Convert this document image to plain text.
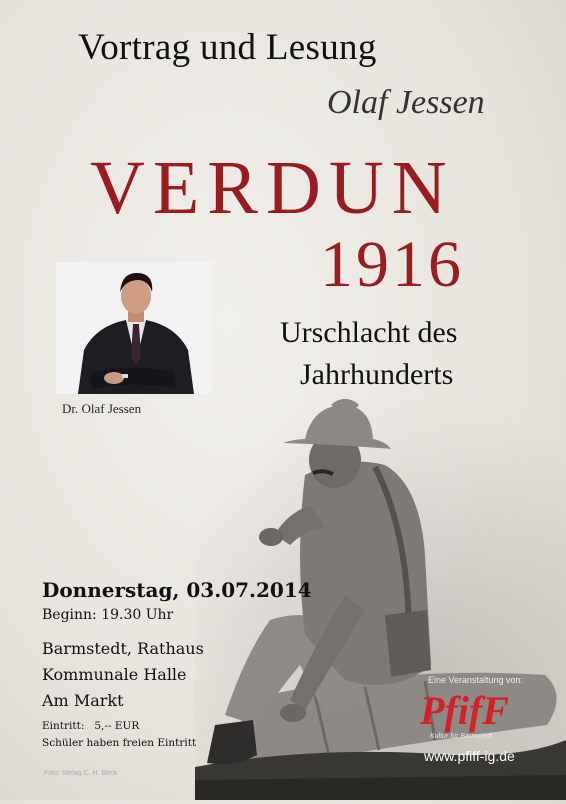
Vortrag und Lesung
Olaf Jessen
VERDUN
1916
Urschlacht des
Jahrhunderts
Dr. Olaf Jessen
Donnerstag, 03.07.2014
Beginn: 19.30 Uhr
Barmstedt, Rathaus
Kommunale Halle
Am Markt
Eintritt:   5,-- EUR
Schüler haben freien Eintritt
Foto: Verlag C. H. Beck
Eine Veranstaltung von:
PfifF
Kultur für Barmstedt
www.pfiff-ig.de
